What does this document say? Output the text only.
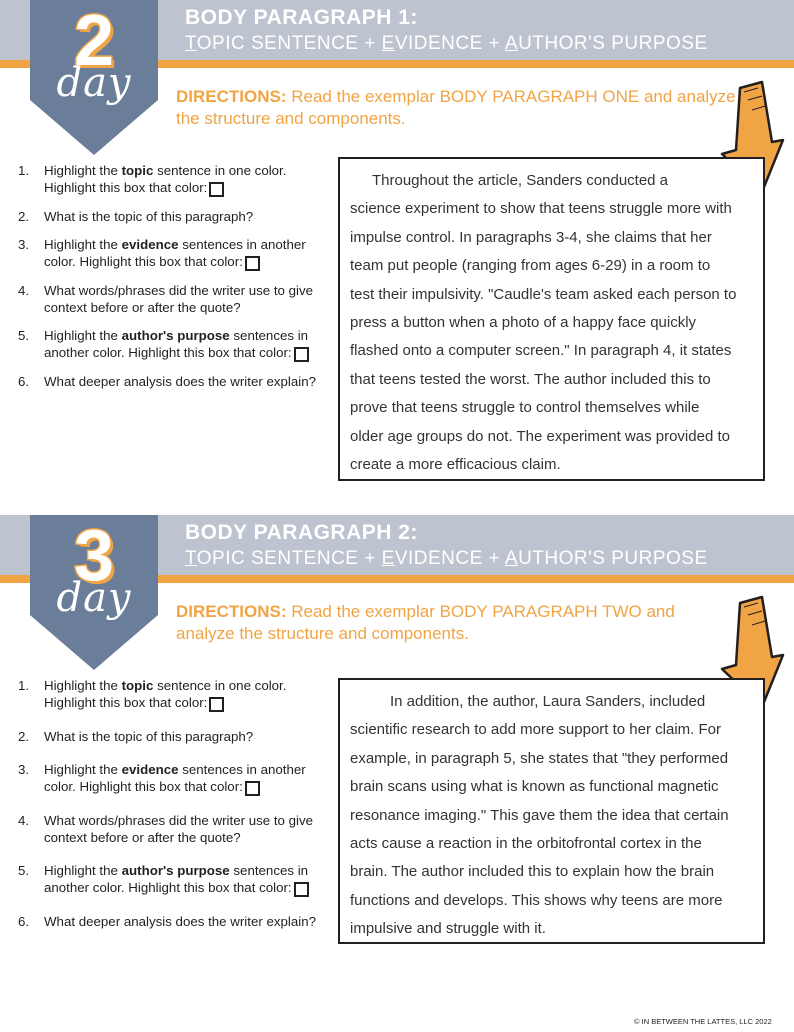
2
day
BODY PARAGRAPH 1:
TOPIC SENTENCE + EVIDENCE + AUTHOR'S PURPOSE
DIRECTIONS: Read the exemplar BODY PARAGRAPH ONE and analyze the structure and components.
1. Highlight the topic sentence in one color. Highlight this box that color:
2. What is the topic of this paragraph?
3. Highlight the evidence sentences in another color. Highlight this box that color:
4. What words/phrases did the writer use to give context before or after the quote?
5. Highlight the author's purpose sentences in another color. Highlight this box that color:
6. What deeper analysis does the writer explain?
Throughout the article, Sanders conducted a
science experiment to show that teens struggle more with
impulse control. In paragraphs 3-4, she claims that her
team put people (ranging from ages 6-29) in a room to
test their impulsivity. "Caudle's team asked each person to
press a button when a photo of a happy face quickly
flashed onto a computer screen." In paragraph 4, it states
that teens tested the worst. The author included this to
prove that teens struggle to control themselves while
older age groups do not. The experiment was provided to
create a more efficacious claim.
3
day
BODY PARAGRAPH 2:
TOPIC SENTENCE + EVIDENCE + AUTHOR'S PURPOSE
DIRECTIONS: Read the exemplar BODY PARAGRAPH TWO and analyze the structure and components.
1. Highlight the topic sentence in one color. Highlight this box that color:
2. What is the topic of this paragraph?
3. Highlight the evidence sentences in another color. Highlight this box that color:
4. What words/phrases did the writer use to give context before or after the quote?
5. Highlight the author's purpose sentences in another color. Highlight this box that color:
6. What deeper analysis does the writer explain?
In addition, the author, Laura Sanders, included
scientific research to add more support to her claim. For
example, in paragraph 5, she states that "they performed
brain scans using what is known as functional magnetic
resonance imaging." This gave them the idea that certain
acts cause a reaction in the orbitofrontal cortex in the
brain. The author included this to explain how the brain
functions and develops. This shows why teens are more
impulsive and struggle with it.
© IN BETWEEN THE LATTES, LLC 2022
